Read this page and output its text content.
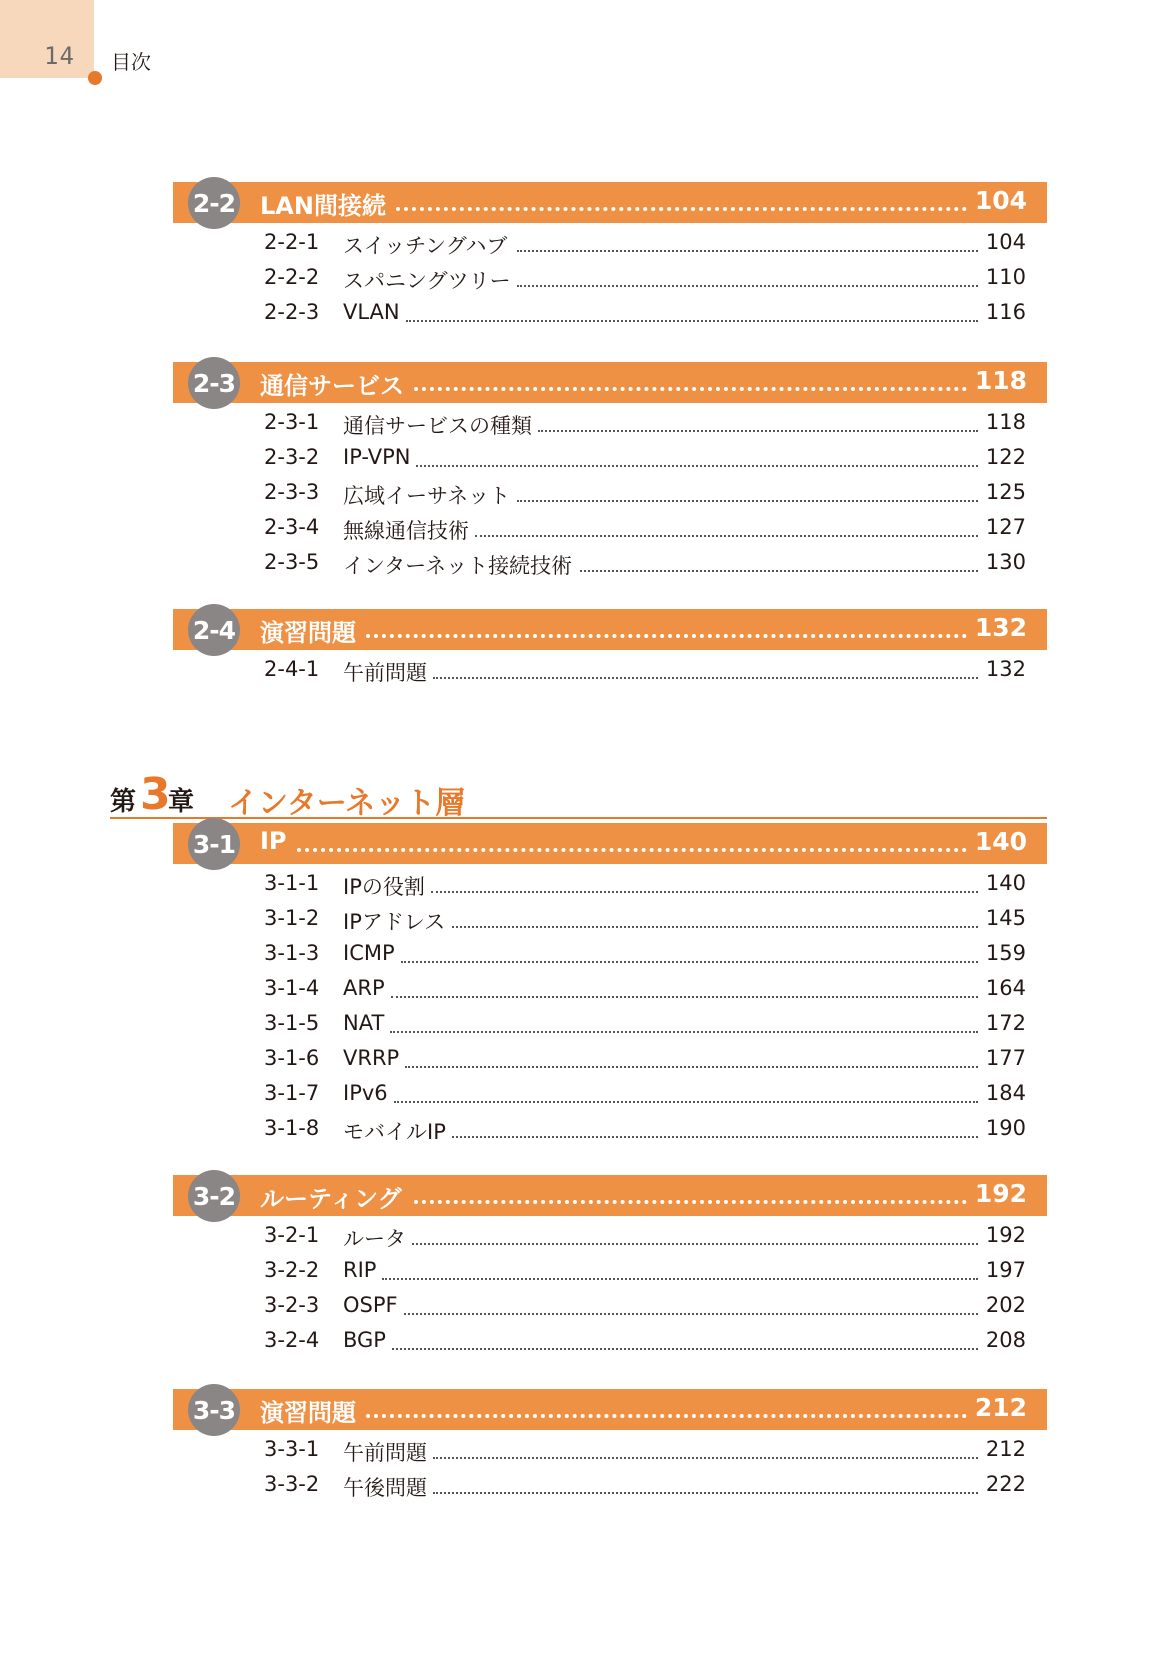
14 目次
第 3
章 インターネット層
2-2 LAN間接続	104
2-2-1 スイッチングハブ	104
2-2-2 スパニングツリー	110
2-2-3 VLAN	116
2-3 通信サービス	118
2-3-1 通信サービスの種類	118
2-3-2 IP-VPN	122
2-3-3 広域イーサネット	125
2-3-4 無線通信技術	127
2-3-5 インターネット接続技術	130
2-4 演習問題	132
2-4-1 午前問題	132
3-1 IP	140
3-1-1 IPの役割	140
3-1-2 IPアドレス	145
3-1-3 ICMP	159
3-1-4 ARP	164
3-1-5 NAT	172
3-1-6 VRRP	177
3-1-7 IPv6	184
3-1-8 モバイルIP	190
3-2 ルーティング	192
3-2-1 ルータ	192
3-2-2 RIP	197
3-2-3 OSPF	202
3-2-4 BGP	208
3-3 演習問題	212
3-3-1 午前問題	212
3-3-2 午後問題	222
